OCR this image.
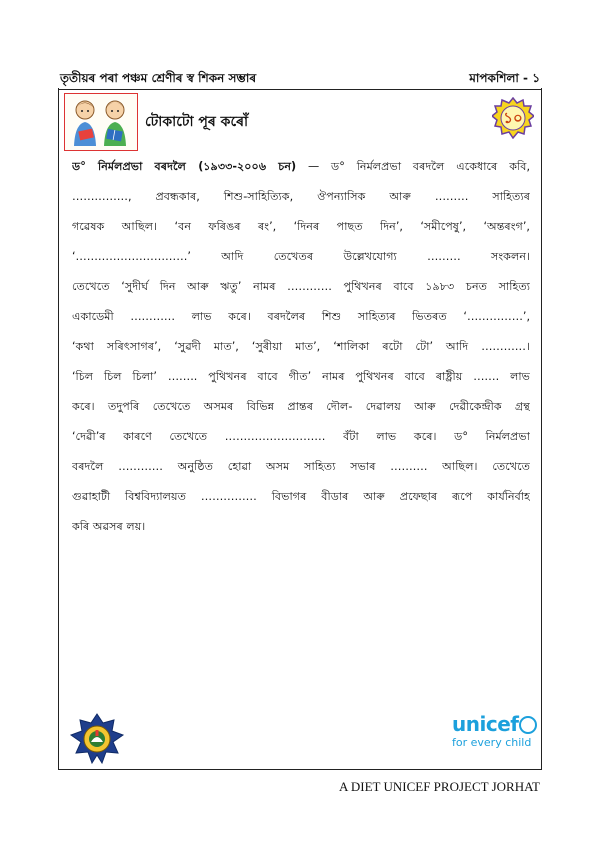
তৃতীয়ৰ পৰা পঞ্চম শ্ৰেণীৰ স্ব শিকন সম্ভাৰ	মাপকশিলা - ১
টোকাটো পূৰ কৰোঁ	১০
ড° নিৰ্মলপ্ৰভা বৰদলৈ (১৯৩৩-২০০৬ চন) — ড° নিৰ্মলপ্ৰভা বৰদলৈ একেধাৰে কবি,
……………, প্ৰবন্ধকাৰ, শিশু-সাহিত্যিক, ঔপন্যাসিক আৰু ……… সাহিত্যৰ
গৱেষক আছিল। ‘বন ফৰিঙৰ ৰং’, ‘দিনৰ পাছত দিন’, ‘সমীপেষু’, ‘অন্তৰংগ’,
‘…………………………’ আদি তেখেতৰ উল্লেখযোগ্য ……… সংকলন।
তেখেতে ‘সুদীৰ্ঘ দিন আৰু ঋতু’ নামৰ ………… পুথিখনৰ বাবে ১৯৮৩ চনত সাহিত্য
একাডেমী ………… লাভ কৰে। বৰদলৈৰ শিশু সাহিত্যৰ ভিতৰত ‘……………’,
‘কথা সৰিৎসাগৰ’, ‘সুৱদী মাত’, ‘সুৰীয়া মাত’, ‘শালিকা ৰটো টো’ আদি …………।
‘চিল চিল চিলা’ …….. পুথিখনৰ বাবে গীত’ নামৰ পুথিখনৰ বাবে ৰাষ্ট্ৰীয় ……. লাভ
কৰে। তদুপৰি তেখেতে অসমৰ বিভিন্ন প্ৰান্তৰ দৌল- দেৱালয় আৰু দেৱীকেন্দ্ৰীক গ্ৰন্থ
‘দেৱী’ৰ কাৰণে তেখেতে ……………………… বঁটা লাভ কৰে। ড° নিৰ্মলপ্ৰভা
বৰদলৈ ………… অনুষ্ঠিত হোৱা অসম সাহিত্য সভাৰ ………. আছিল। তেখেতে
গুৱাহাটী বিশ্ববিদ্যালয়ত …………… বিভাগৰ বীডাৰ আৰু প্ৰফেছাৰ ৰূপে কাৰ্যনিৰ্বাহ
কৰি অৱসৰ লয়।
unicef
for every child
A DIET UNICEF PROJECT JORHAT
